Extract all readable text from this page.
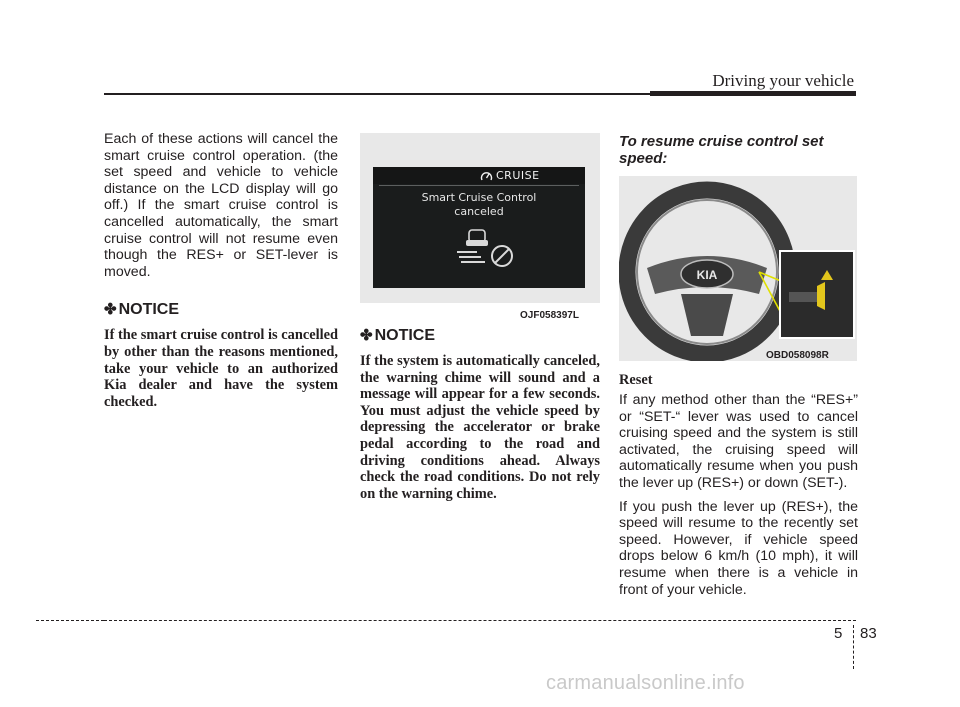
Driving your vehicle

Each of these actions will cancel the smart cruise control operation. (the set speed and vehicle to vehicle distance on the LCD display will go off.) If the smart cruise control is cancelled automatically, the smart cruise control will not resume even though the RES+ or SET-lever is moved.

✤ NOTICE

If the smart cruise control is cancelled by other than the reasons mentioned, take your vehicle to an authorized Kia dealer and have the system checked.

CRUISE
Smart Cruise Control
canceled
OJF058397L
✤ NOTICE

If the system is automatically canceled, the warning chime will sound and a message will appear for a few seconds. You must adjust the vehicle speed by depressing the accelerator or brake pedal according to the road and driving conditions ahead. Always check the road conditions. Do not rely on the warning chime.

To resume cruise control set speed:

KIA
OBD058098R

Reset

If any method other than the “RES+” or “SET-“ lever was used to cancel cruising speed and the system is still activated, the cruising speed will automatically resume when you push the lever up (RES+) or down (SET-).

If you push the lever up (RES+), the speed will resume to the recently set speed. However, if vehicle speed drops below 6 km/h (10 mph), it will resume when there is a vehicle in front of your vehicle.

5 83
carmanualsonline.info
